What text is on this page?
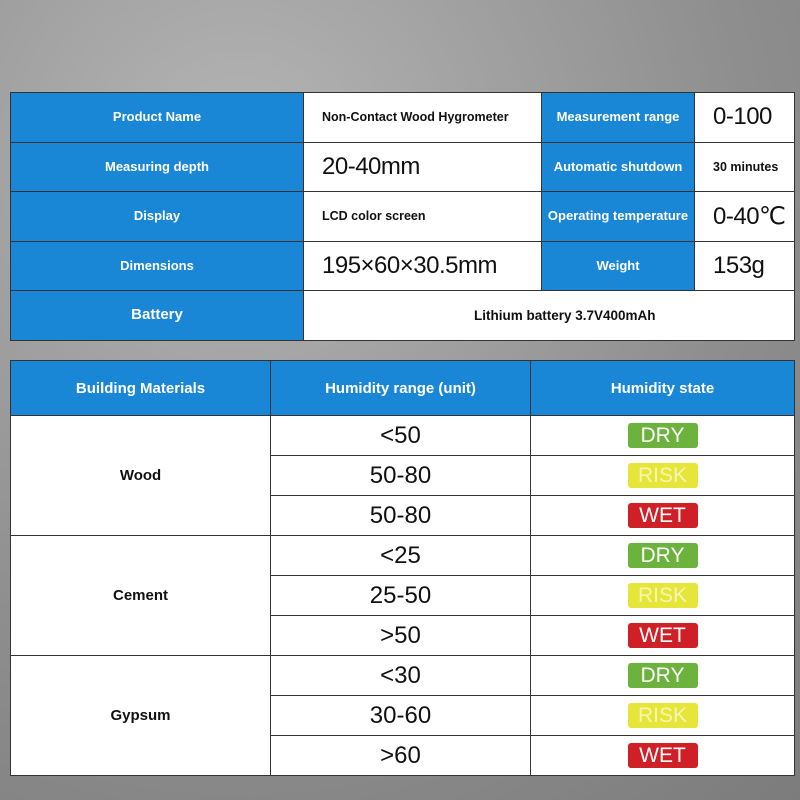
Product Name	Non-Contact Wood Hygrometer	Measurement range	0-100
Measuring depth	20-40mm	Automatic shutdown	30 minutes
Display	LCD color screen	Operating temperature	0-40℃
Dimensions	195×60×30.5mm	Weight	153g

Battery	Lithium battery 3.7V400mAh		
Building Materials	Humidity range (unit)	Humidity state
Wood	<50	DRY
	50-80	RISK
	50-80	WET
Cement	<25	DRY
	25-50	RISK
	>50	WET
Gypsum	<30	DRY
	30-60	RISK
	>60	WET
